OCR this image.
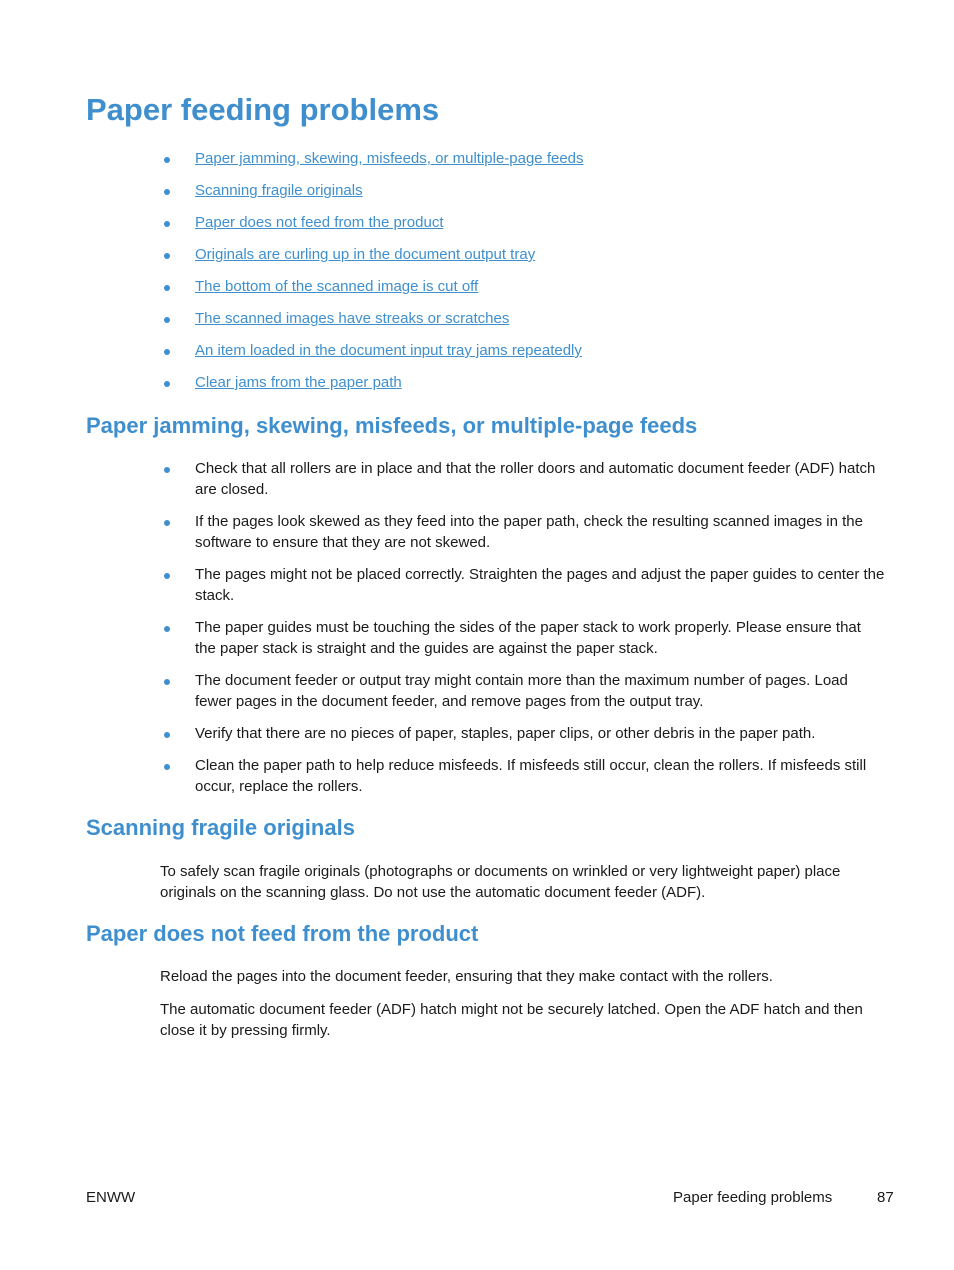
Paper feeding problems
Paper jamming, skewing, misfeeds, or multiple-page feeds
Scanning fragile originals
Paper does not feed from the product
Originals are curling up in the document output tray
The bottom of the scanned image is cut off
The scanned images have streaks or scratches
An item loaded in the document input tray jams repeatedly
Clear jams from the paper path
Paper jamming, skewing, misfeeds, or multiple-page feeds
Check that all rollers are in place and that the roller doors and automatic document feeder (ADF) hatch are closed.
If the pages look skewed as they feed into the paper path, check the resulting scanned images in the software to ensure that they are not skewed.
The pages might not be placed correctly. Straighten the pages and adjust the paper guides to center the stack.
The paper guides must be touching the sides of the paper stack to work properly. Please ensure that the paper stack is straight and the guides are against the paper stack.
The document feeder or output tray might contain more than the maximum number of pages. Load fewer pages in the document feeder, and remove pages from the output tray.
Verify that there are no pieces of paper, staples, paper clips, or other debris in the paper path.
Clean the paper path to help reduce misfeeds. If misfeeds still occur, clean the rollers. If misfeeds still occur, replace the rollers.
Scanning fragile originals

To safely scan fragile originals (photographs or documents on wrinkled or very lightweight paper) place originals on the scanning glass. Do not use the automatic document feeder (ADF).

Paper does not feed from the product

Reload the pages into the document feeder, ensuring that they make contact with the rollers.

The automatic document feeder (ADF) hatch might not be securely latched. Open the ADF hatch and then close it by pressing firmly.

ENWW	Paper feeding problems	87
